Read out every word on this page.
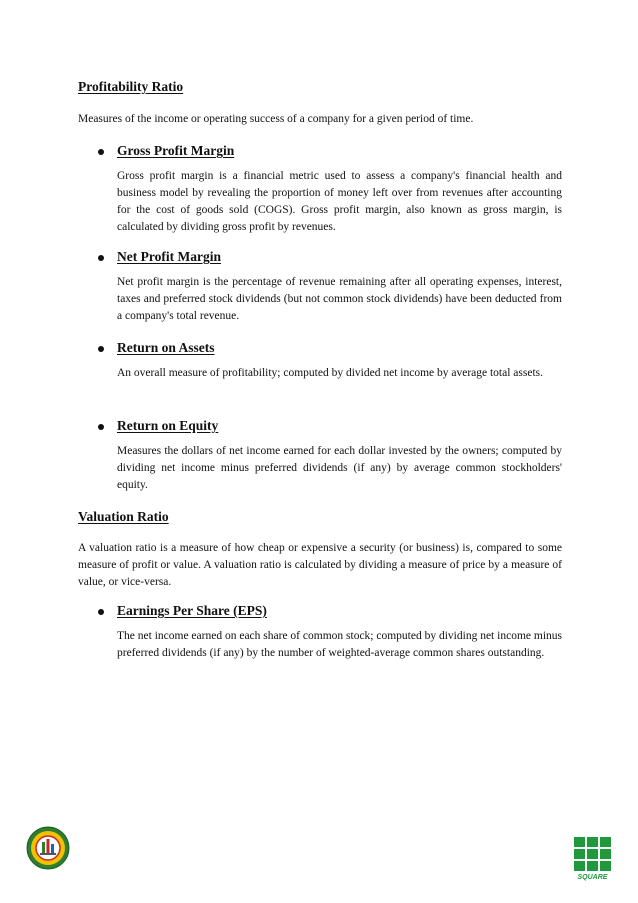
Profitability Ratio
Measures of the income or operating success of a company for a given period of time.
Gross Profit Margin
Gross profit margin is a financial metric used to assess a company's financial health and business model by revealing the proportion of money left over from revenues after accounting for the cost of goods sold (COGS). Gross profit margin, also known as gross margin, is calculated by dividing gross profit by revenues.
Net Profit Margin
Net profit margin is the percentage of revenue remaining after all operating expenses, interest, taxes and preferred stock dividends (but not common stock dividends) have been deducted from a company's total revenue.
Return on Assets
An overall measure of profitability; computed by divided net income by average total assets.
Return on Equity
Measures the dollars of net income earned for each dollar invested by the owners; computed by dividing net income minus preferred dividends (if any) by average common stockholders' equity.
Valuation Ratio
A valuation ratio is a measure of how cheap or expensive a security (or business) is, compared to some measure of profit or value. A valuation ratio is calculated by dividing a measure of price by a measure of value, or vice-versa.
Earnings Per Share (EPS)
The net income earned on each share of common stock; computed by dividing net income minus preferred dividends (if any) by the number of weighted-average common shares outstanding.
SQUARE
